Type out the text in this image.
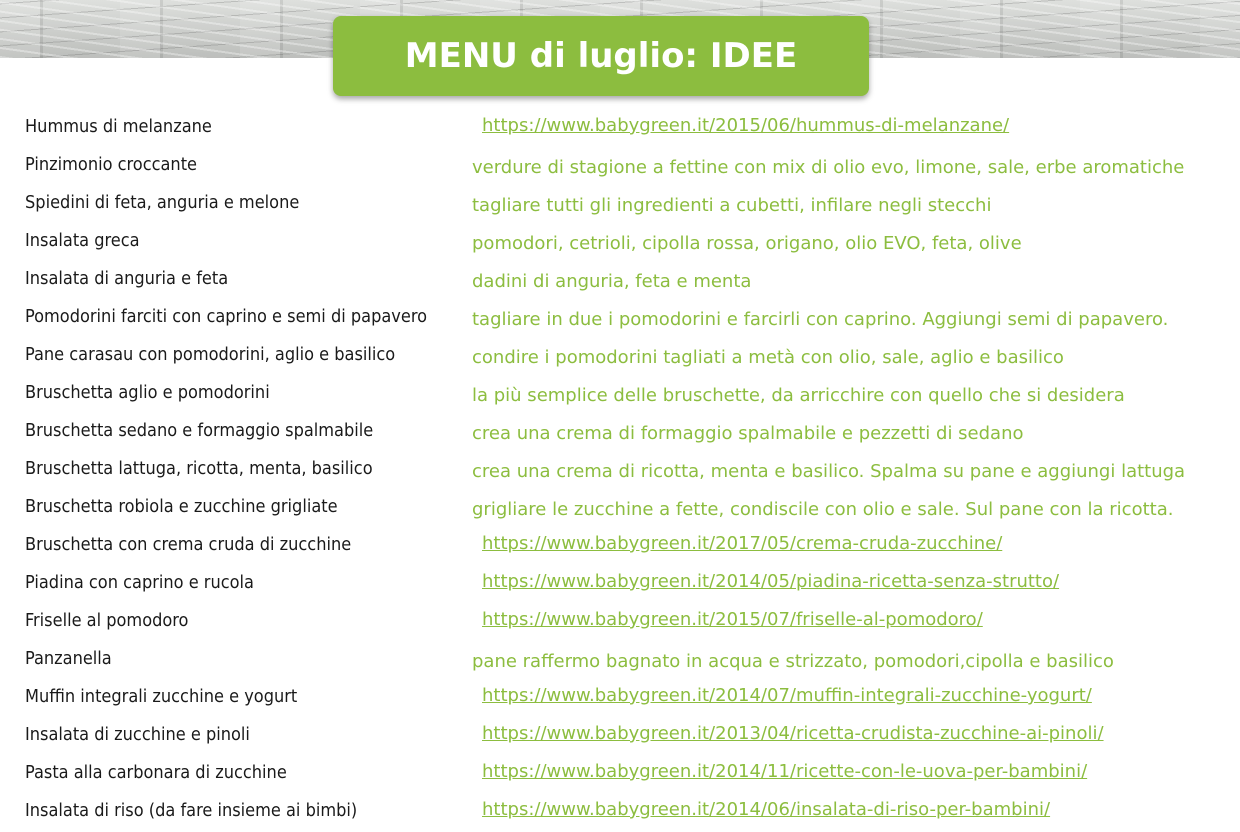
MENU di luglio: IDEE
Hummus di melanzane	https://www.babygreen.it/2015/06/hummus-di-melanzane/
Pinzimonio croccante	verdure di stagione a fettine con mix di olio evo, limone, sale, erbe aromatiche
Spiedini di feta, anguria e melone	tagliare tutti gli ingredienti a cubetti, infilare negli stecchi
Insalata greca	pomodori, cetrioli, cipolla rossa, origano, olio EVO, feta, olive
Insalata di anguria e feta	dadini di anguria, feta e menta
Pomodorini farciti con caprino e semi di papavero	tagliare in due i pomodorini e farcirli con caprino. Aggiungi semi di papavero.
Pane carasau con pomodorini, aglio e basilico	condire i pomodorini tagliati a metà con olio, sale, aglio e basilico
Bruschetta aglio e pomodorini	la più semplice delle bruschette, da arricchire con quello che si desidera
Bruschetta sedano e formaggio spalmabile	crea una crema di formaggio spalmabile e pezzetti di sedano
Bruschetta lattuga, ricotta, menta, basilico	crea una crema di ricotta, menta e basilico. Spalma su pane e aggiungi lattuga
Bruschetta robiola e zucchine grigliate	grigliare le zucchine a fette, condiscile con olio e sale. Sul pane con la ricotta.
Bruschetta con crema cruda di zucchine	https://www.babygreen.it/2017/05/crema-cruda-zucchine/
Piadina con caprino e rucola	https://www.babygreen.it/2014/05/piadina-ricetta-senza-strutto/
Friselle al pomodoro	https://www.babygreen.it/2015/07/friselle-al-pomodoro/
Panzanella	pane raffermo bagnato in acqua e strizzato, pomodori,cipolla e basilico
Muffin integrali zucchine e yogurt	https://www.babygreen.it/2014/07/muffin-integrali-zucchine-yogurt/
Insalata di zucchine e pinoli	https://www.babygreen.it/2013/04/ricetta-crudista-zucchine-ai-pinoli/
Pasta alla carbonara di zucchine	https://www.babygreen.it/2014/11/ricette-con-le-uova-per-bambini/
Insalata di riso (da fare insieme ai bimbi)	https://www.babygreen.it/2014/06/insalata-di-riso-per-bambini/
